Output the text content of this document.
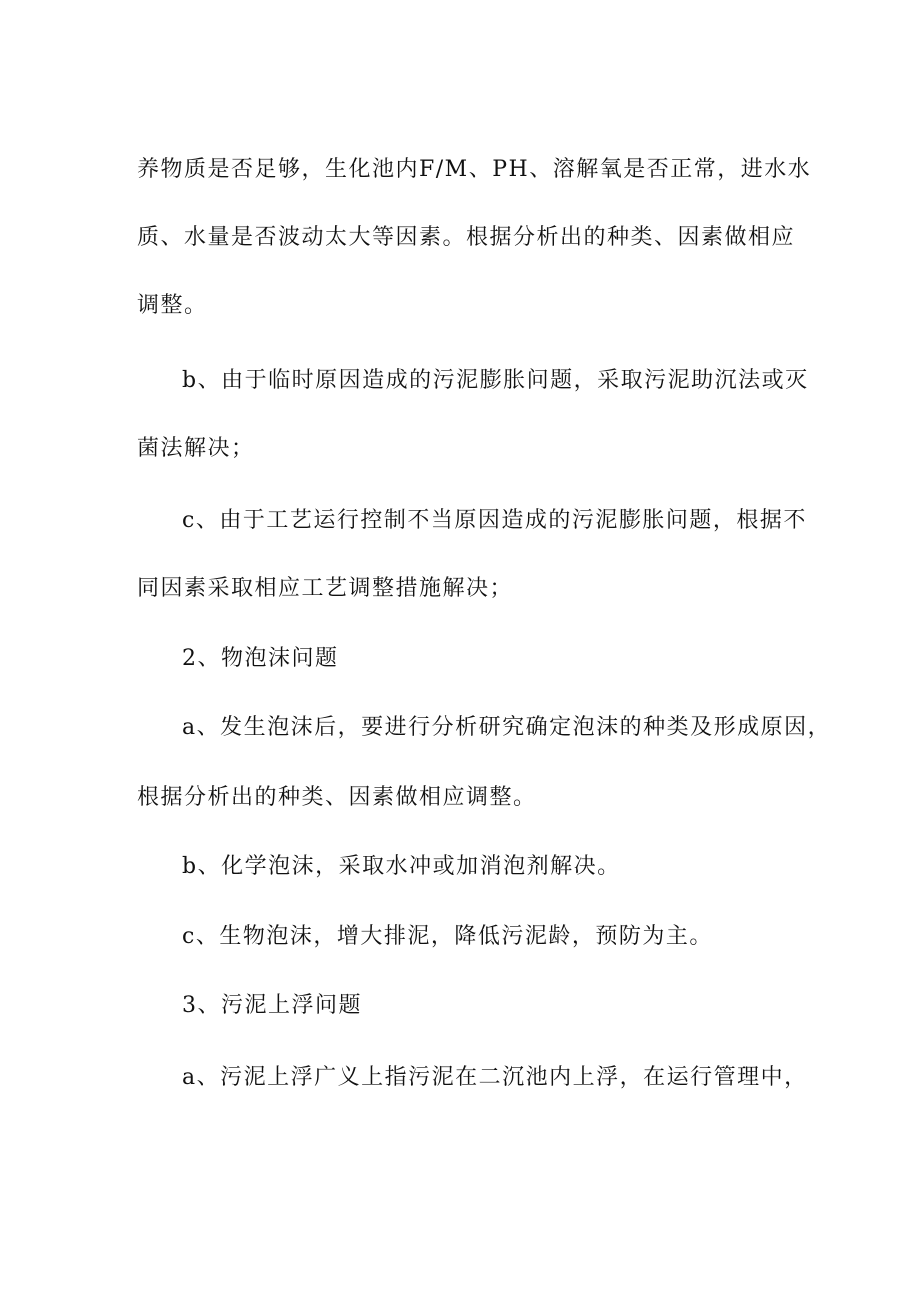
养物质是否足够，生化池内F/M、PH、溶解氧是否正常，进水水
质、水量是否波动太大等因素。根据分析出的种类、因素做相应
调整。
b、由于临时原因造成的污泥膨胀问题，采取污泥助沉法或灭
菌法解决；
c、由于工艺运行控制不当原因造成的污泥膨胀问题，根据不
同因素采取相应工艺调整措施解决；
2、物泡沫问题
a、发生泡沫后，要进行分析研究确定泡沫的种类及形成原因，
根据分析出的种类、因素做相应调整。
b、化学泡沫，采取水冲或加消泡剂解决。
c、生物泡沫，增大排泥，降低污泥龄，预防为主。
3、污泥上浮问题
a、污泥上浮广义上指污泥在二沉池内上浮，在运行管理中，
